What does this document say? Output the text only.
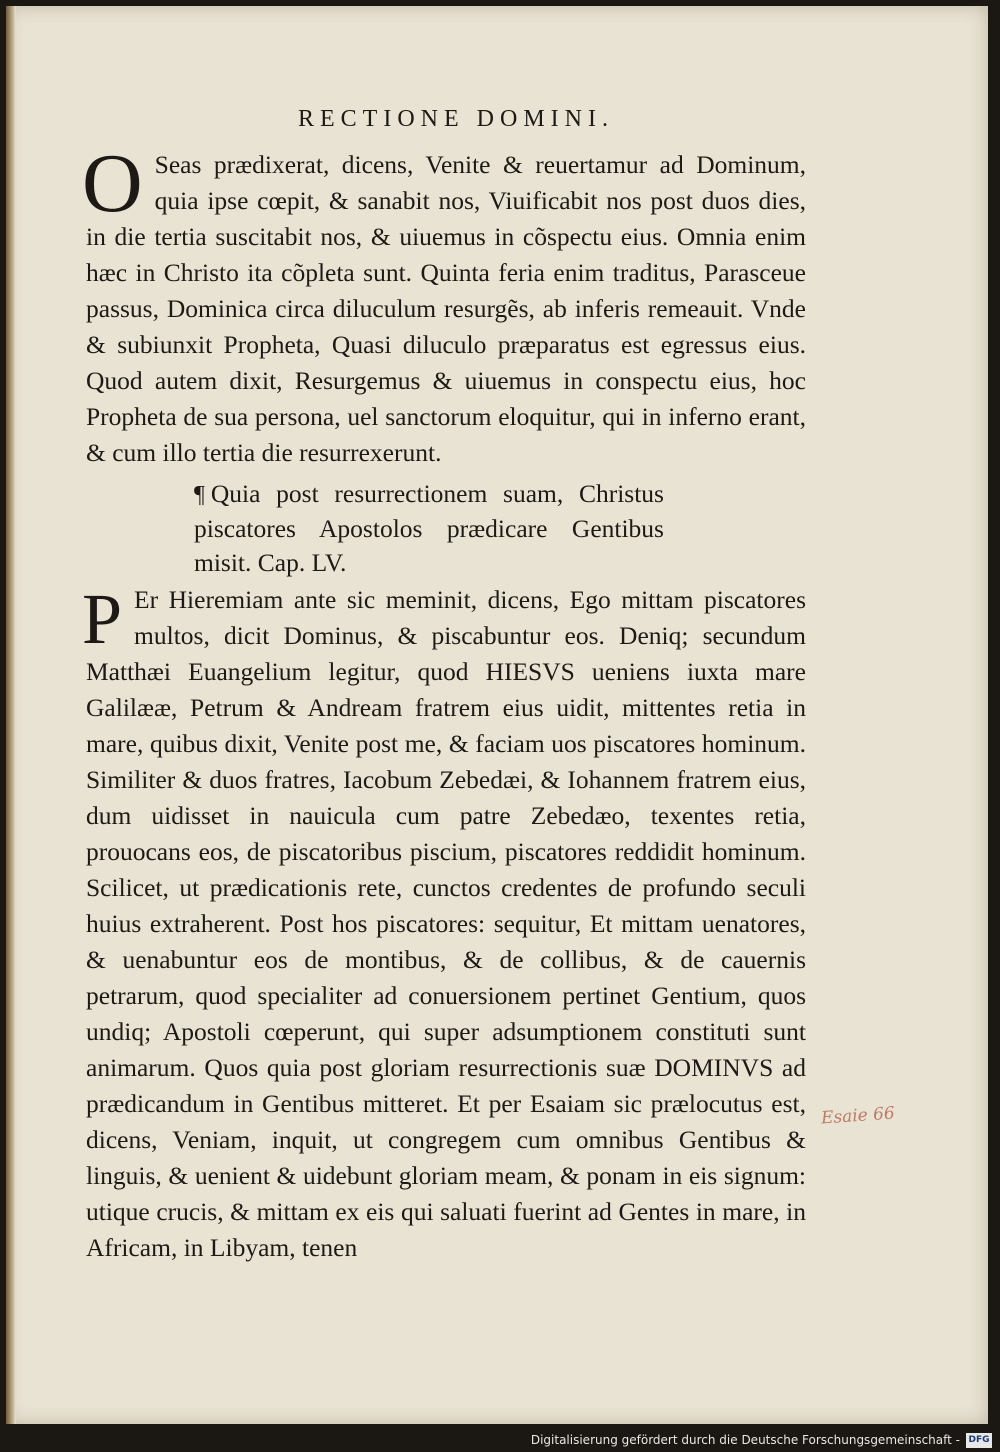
RECTIONE DOMINI.

O Seas prædixerat, dicens, Venite & reuertamur ad Dominum, quia ipse cœpit, & sanabit nos, Viuificabit nos post duos dies, in die tertia suscitabit nos, & uiuemus in cõspectu eius. Omnia enim hæc in Christo ita cõpleta sunt. Quinta feria enim traditus, Parasceue passus, Dominica circa diluculum resurgẽs, ab inferis remeauit. Vnde & subiunxit Propheta, Quasi diluculo præparatus est egressus eius. Quod autem dixit, Resurgemus & uiuemus in conspectu eius, hoc Propheta de sua persona, uel sanctorum eloquitur, qui in inferno erant, & cum illo tertia die resurrexerunt.

¶ Quia post resurrectionem suam, Christus piscatores Apostolos prædicare Gentibus misit. Cap. LV.

P Er Hieremiam ante sic meminit, dicens, Ego mittam piscatores multos, dicit Dominus, & piscabuntur eos. Deniq; secundum Matthæi Euangelium legitur, quod HIESVS ueniens iuxta mare Galilææ, Petrum & Andream fratrem eius uidit, mittentes retia in mare, quibus dixit, Venite post me, & faciam uos piscatores hominum. Similiter & duos fratres, Iacobum Zebedæi, & Iohannem fratrem eius, dum uidisset in nauicula cum patre Zebedæo, texentes retia, prouocans eos, de piscatoribus piscium, piscatores reddidit hominum. Scilicet, ut prædicationis rete, cunctos credentes de profundo seculi huius extraherent. Post hos piscatores: sequitur, Et mittam uenatores, & uenabuntur eos de montibus, & de collibus, & de cauernis petrarum, quod specialiter ad conuersionem pertinet Gentium, quos undiq; Apostoli cœperunt, qui super adsumptionem constituti sunt animarum. Quos quia post gloriam resurrectionis suæ DOMINVS ad prædicandum in Gentibus mitteret. Et per Esaiam sic prælocutus est, dicens, Veniam, inquit, ut congregem cum omnibus Gentibus & linguis, & uenient & uidebunt gloriam meam, & ponam in eis signum: utique crucis, & mittam ex eis qui saluati fuerint ad Gentes in mare, in Africam, in Libyam, tenen

Esaie 66
Digitalisierung gefördert durch die Deutsche Forschungsgemeinschaft - DFG
